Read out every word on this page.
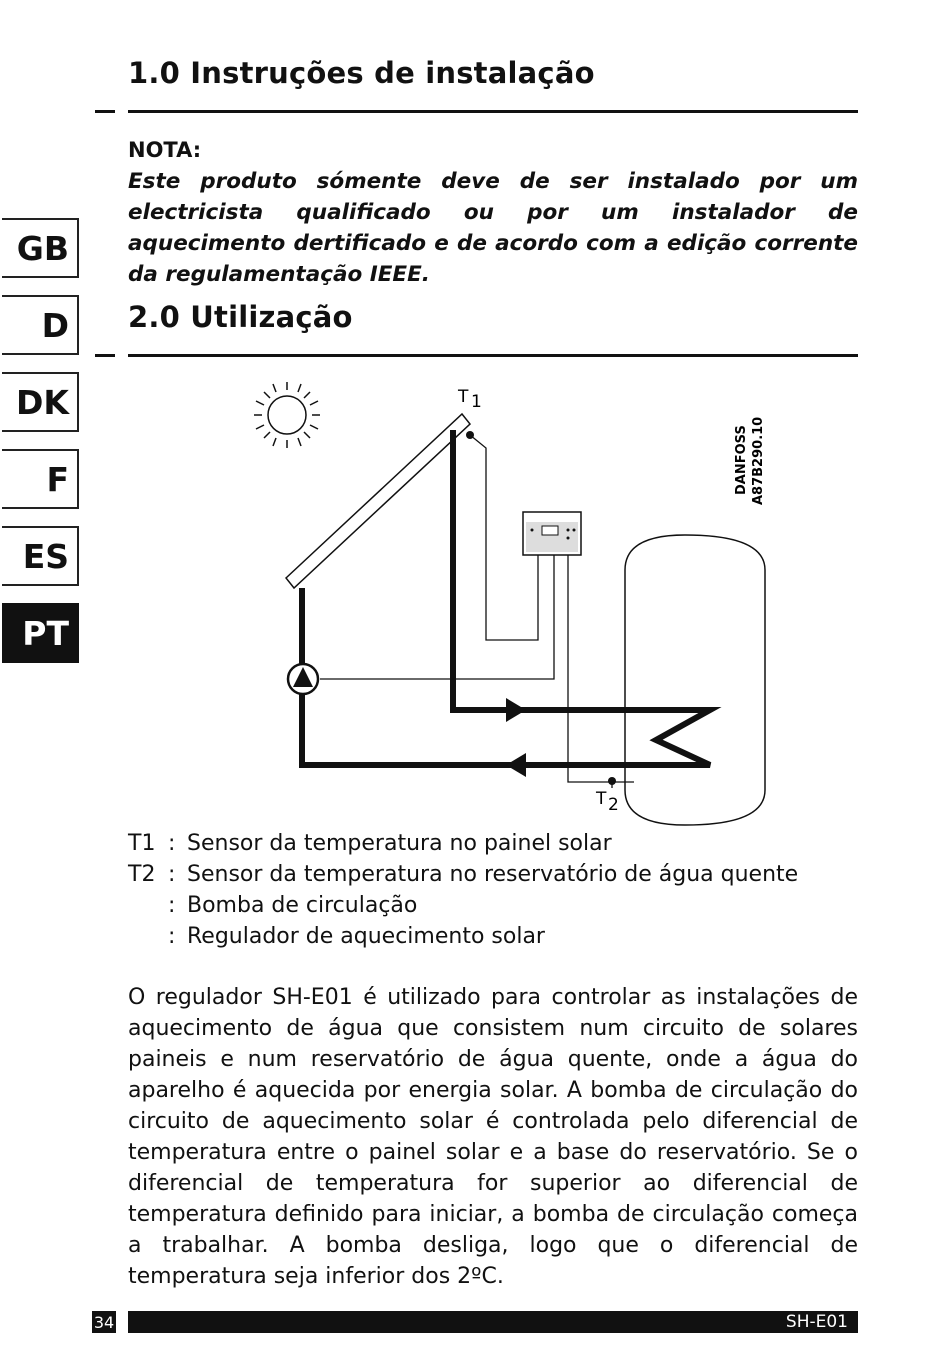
1.0 Instruções de instalação
NOTA:
Este produto sómente deve de ser instalado por um electricista qualificado ou por um instalador de aquecimento dertificado e de acordo com a edição corrente da regulamentação IEEE.
2.0 Utilização
GB
D
DK
F
ES
PT
T 1
DANFOSS A87B290.10
T 2
T1 :
Sensor da temperatura no painel solar
T2 :
Sensor da temperatura no reservatório de água quente
:
Bomba de circulação
:
Regulador de aquecimento solar
O regulador SH-E01 é utilizado para controlar as instalações de aquecimento de água que consistem num circuito de solares paineis e num reservatório de água quente, onde a água do aparelho é aquecida por energia solar. A bomba de circulação do circuito de aquecimento solar é controlada pelo diferencial de temperatura entre o painel solar e a base do reservatório. Se o diferencial de temperatura for superior ao diferencial de temperatura definido para iniciar, a bomba de circulação começa a trabalhar. A bomba desliga, logo que o diferencial de temperatura seja inferior dos 2ºC.
34	SH-E01
